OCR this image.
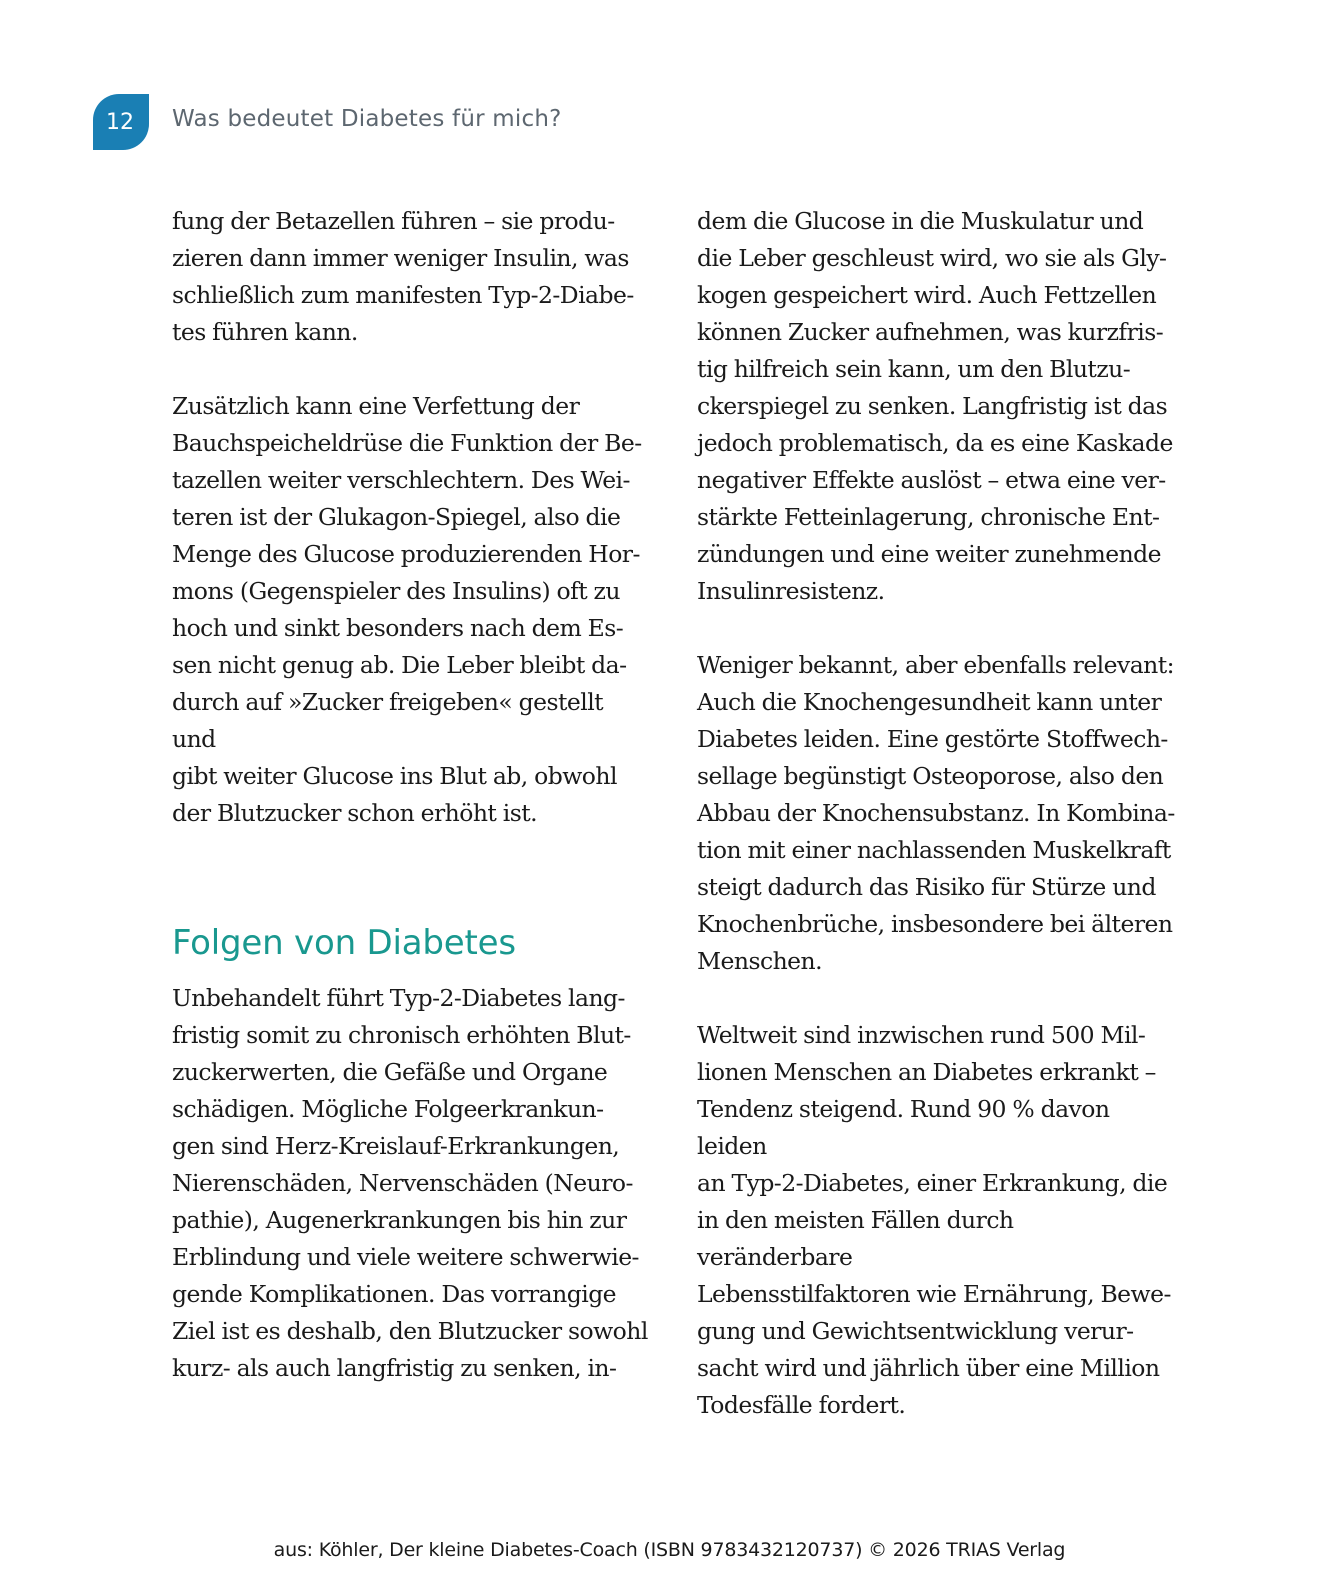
12 Was bedeutet Diabetes für mich?

fung der Betazellen führen – sie produ-
zieren dann immer weniger Insulin, was
schließlich zum manifesten Typ-2-Diabe-
tes führen kann.

Zusätzlich kann eine Verfettung der
Bauchspeicheldrüse die Funktion der Be-
tazellen weiter verschlechtern. Des Wei-
teren ist der Glukagon-Spiegel, also die
Menge des Glucose produzierenden Hor-
mons (Gegenspieler des Insulins) oft zu
hoch und sinkt besonders nach dem Es-
sen nicht genug ab. Die Leber bleibt da-
durch auf »Zucker freigeben« gestellt und
gibt weiter Glucose ins Blut ab, obwohl
der Blutzucker schon erhöht ist.

Folgen von Diabetes

Unbehandelt führt Typ-2-Diabetes lang-
fristig somit zu chronisch erhöhten Blut-
zuckerwerten, die Gefäße und Organe
schädigen. Mögliche Folgeerkrankun-
gen sind Herz-Kreislauf-Erkrankungen,
Nierenschäden, Nervenschäden (Neuro-
pathie), Augenerkrankungen bis hin zur
Erblindung und viele weitere schwerwie-
gende Komplikationen. Das vorrangige
Ziel ist es deshalb, den Blutzucker sowohl
kurz- als auch langfristig zu senken, in-

dem die Glucose in die Muskulatur und
die Leber geschleust wird, wo sie als Gly-
kogen gespeichert wird. Auch Fettzellen
können Zucker aufnehmen, was kurzfris-
tig hilfreich sein kann, um den Blutzu-
ckerspiegel zu senken. Langfristig ist das
jedoch problematisch, da es eine Kaskade
negativer Effekte auslöst – etwa eine ver-
stärkte Fetteinlagerung, chronische Ent-
zündungen und eine weiter zunehmende
Insulinresistenz.

Weniger bekannt, aber ebenfalls relevant:
Auch die Knochengesundheit kann unter
Diabetes leiden. Eine gestörte Stoffwech-
sellage begünstigt Osteoporose, also den
Abbau der Knochensubstanz. In Kombina-
tion mit einer nachlassenden Muskelkraft
steigt dadurch das Risiko für Stürze und
Knochenbrüche, insbesondere bei älteren
Menschen.

Weltweit sind inzwischen rund 500 Mil-
lionen Menschen an Diabetes erkrankt –
Tendenz steigend. Rund 90 % davon leiden
an Typ-2-Diabetes, einer Erkrankung, die
in den meisten Fällen durch veränderbare
Lebensstilfaktoren wie Ernährung, Bewe-
gung und Gewichtsentwicklung verur-
sacht wird und jährlich über eine Million
Todesfälle fordert.

aus: Köhler, Der kleine Diabetes-Coach (ISBN 9783432120737) © 2026 TRIAS Verlag
